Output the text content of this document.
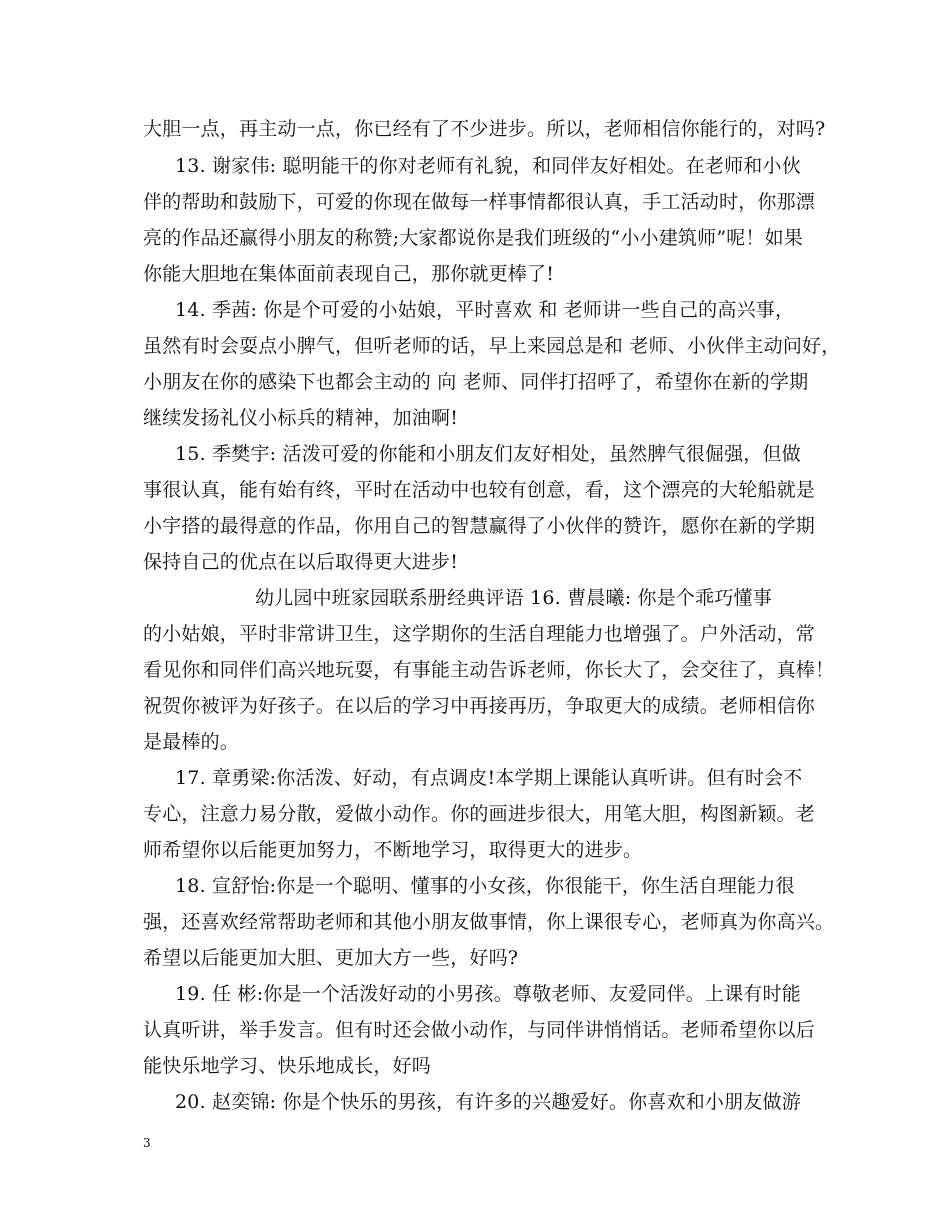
大胆一点，再主动一点，你已经有了不少进步。所以，老师相信你能行的，对吗?
13. 谢家伟: 聪明能干的你对老师有礼貌，和同伴友好相处。在老师和小伙
伴的帮助和鼓励下，可爱的你现在做每一样事情都很认真，手工活动时，你那漂
亮的作品还赢得小朋友的称赞;大家都说你是我们班级的“小小建筑师”呢！如果
你能大胆地在集体面前表现自己，那你就更棒了!
14. 季茜: 你是个可爱的小姑娘，平时喜欢 和 老师讲一些自己的高兴事，
虽然有时会耍点小脾气，但听老师的话，早上来园总是和 老师、小伙伴主动问好，
小朋友在你的感染下也都会主动的 向 老师、同伴打招呼了，希望你在新的学期
继续发扬礼仪小标兵的精神，加油啊!
15. 季樊宇: 活泼可爱的你能和小朋友们友好相处，虽然脾气很倔强，但做
事很认真，能有始有终，平时在活动中也较有创意，看，这个漂亮的大轮船就是
小宇搭的最得意的作品，你用自己的智慧赢得了小伙伴的赞许，愿你在新的学期
保持自己的优点在以后取得更大进步!
幼儿园中班家园联系册经典评语 16. 曹晨曦: 你是个乖巧懂事
的小姑娘，平时非常讲卫生，这学期你的生活自理能力也增强了。户外活动，常
看见你和同伴们高兴地玩耍，有事能主动告诉老师，你长大了，会交往了，真棒！
祝贺你被评为好孩子。在以后的学习中再接再历，争取更大的成绩。老师相信你
是最棒的。
17. 章勇梁:你活泼、好动，有点调皮!本学期上课能认真听讲。但有时会不
专心，注意力易分散，爱做小动作。你的画进步很大，用笔大胆，构图新颖。老
师希望你以后能更加努力，不断地学习，取得更大的进步。
18. 宣舒怡:你是一个聪明、懂事的小女孩，你很能干，你生活自理能力很
强，还喜欢经常帮助老师和其他小朋友做事情，你上课很专心，老师真为你高兴。
希望以后能更加大胆、更加大方一些，好吗?
19. 任 彬:你是一个活泼好动的小男孩。尊敬老师、友爱同伴。上课有时能
认真听讲，举手发言。但有时还会做小动作，与同伴讲悄悄话。老师希望你以后
能快乐地学习、快乐地成长，好吗
20. 赵奕锦: 你是个快乐的男孩，有许多的兴趣爱好。你喜欢和小朋友做游
3
